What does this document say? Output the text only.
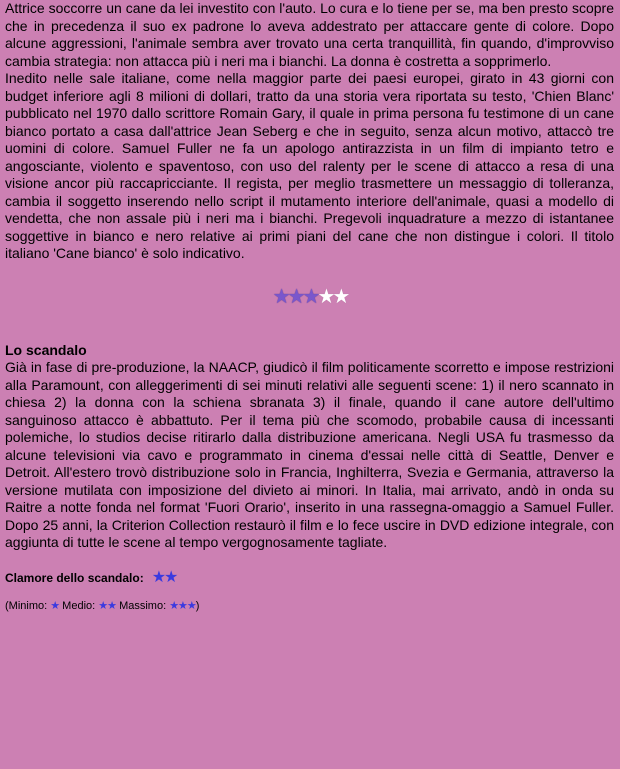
Attrice soccorre un cane da lei investito con l'auto. Lo cura e lo tiene per se, ma ben presto scopre che in precedenza il suo ex padrone lo aveva addestrato per attaccare gente di colore. Dopo alcune aggressioni, l'animale sembra aver trovato una certa tranquillità, fin quando, d'improvviso cambia strategia: non attacca più i neri ma i bianchi. La donna è costretta a sopprimerlo.

Inedito nelle sale italiane, come nella maggior parte dei paesi europei, girato in 43 giorni con budget inferiore agli 8 milioni di dollari, tratto da una storia vera riportata su testo, 'Chien Blanc' pubblicato nel 1970 dallo scrittore Romain Gary, il quale in prima persona fu testimone di un cane bianco portato a casa dall'attrice Jean Seberg e che in seguito, senza alcun motivo, attaccò tre uomini di colore. Samuel Fuller ne fa un apologo antirazzista in un film di impianto tetro e angosciante, violento e spaventoso, con uso del ralenty per le scene di attacco a resa di una visione ancor più raccapricciante. Il regista, per meglio trasmettere un messaggio di tolleranza, cambia il soggetto inserendo nello script il mutamento interiore dell'animale, quasi a modello di vendetta, che non assale più i neri ma i bianchi. Pregevoli inquadrature a mezzo di istantanee soggettive in bianco e nero relative ai primi piani del cane che non distingue i colori. Il titolo italiano 'Cane bianco' è solo indicativo.

★★★★★
Lo scandalo

Già in fase di pre-produzione, la NAACP, giudicò il film politicamente scorretto e impose restrizioni alla Paramount, con alleggerimenti di sei minuti relativi alle seguenti scene: 1) il nero scannato in chiesa 2) la donna con la schiena sbranata 3) il finale, quando il cane autore dell'ultimo sanguinoso attacco è abbattuto. Per il tema più che scomodo, probabile causa di incessanti polemiche, lo studios decise ritirarlo dalla distribuzione americana. Negli USA fu trasmesso da alcune televisioni via cavo e programmato in cinema d'essai nelle città di Seattle, Denver e Detroit. All'estero trovò distribuzione solo in Francia, Inghilterra, Svezia e Germania, attraverso la versione mutilata con imposizione del divieto ai minori. In Italia, mai arrivato, andò in onda su Raitre a notte fonda nel format 'Fuori Orario', inserito in una rassegna-omaggio a Samuel Fuller. Dopo 25 anni, la Criterion Collection restaurò il film e lo fece uscire in DVD edizione integrale, con aggiunta di tutte le scene al tempo vergognosamente tagliate.

Clamore dello scandalo: ★★
(Minimo: ★ Medio: ★★ Massimo: ★★★)
